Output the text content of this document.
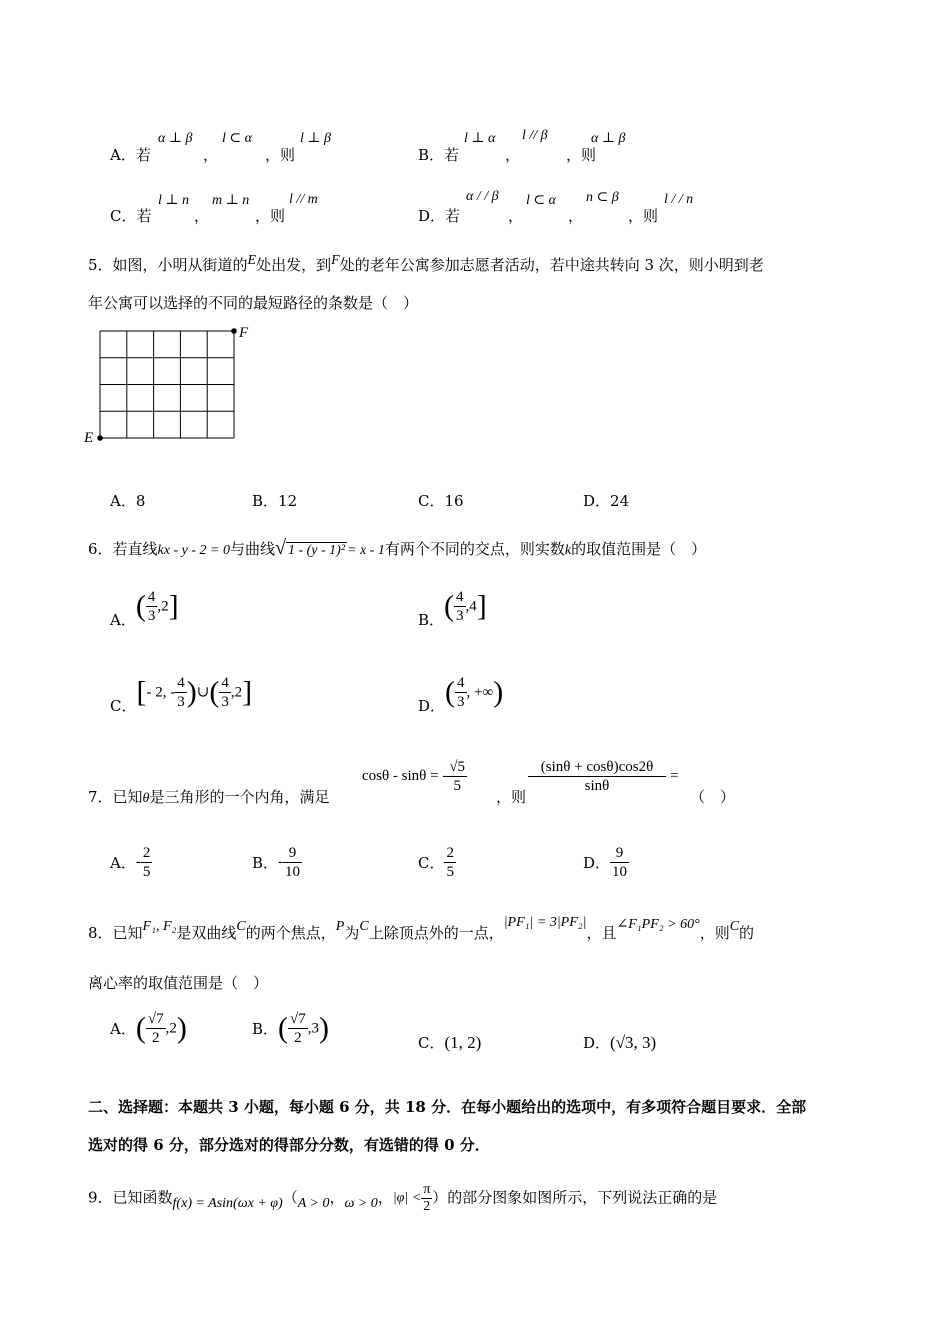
A．若
α ⊥ β
，
l ⊂ α
，则
l ⊥ β
B．若
l ⊥ α
，
l // β
，则
α ⊥ β
C．若
l ⊥ n
，
m ⊥ n
，则
l // m
D．若
α / / β
，
l ⊂ α
，
n ⊂ β
，则
l / / n
5．如图，小明从街道的E处出发，到F处的老年公寓参加志愿者活动，若中途共转向 3 次，则小明到老
年公寓可以选择的不同的最短路径的条数是（　）
E
F
A．8	B．12	C．16	D．24
6．若直线kx - y - 2 = 0与曲线√ 1 - (y - 1)² = x - 1有两个不同的交点，则实数k的取值范围是（　）
A．( $\frac{4}{3} ,2$]	B．( $\frac{4}{3} ,4$]
C．[- 2, - $\frac{4}{3}$ )∪( $\frac{4}{3} ,2$]	D．( $\frac{4}{3}$ , +∞)
7．已知θ是三角形的一个内角，满足
cosθ - sinθ = - $\frac{√5}{5}$
，则
$\frac{(\sin\theta + \cos\theta)\cos 2\theta}{\sin\theta}$ =
（　）
A．- $\frac{2}{5}$	B．- $\frac{9}{10}$	C． $\frac{2}{5}$	D． $\frac{9}{10}$
8．已知F₁, F₂是双曲线C的两个焦点，P为C上除顶点外的一点，|PF₁| = 3|PF₂|，且∠F₁PF₂ > 60°，则C的
离心率的取值范围是（　）
A．( $\frac{√7}{2} ,2$)	B．( $\frac{√7}{2} ,3$)	C．(1, 2)	D．(√3, 3)
二、选择题：本题共 3 小题，每小题 6 分，共 18 分．在每小题给出的选项中，有多项符合题目要求．全部
选对的得 6 分，部分选对的得部分分数，有选错的得 0 分．
9．已知函数f(x) = Asin(ωx + φ)（A > 0，ω > 0，$|\varphi| < \frac{\pi}{2}$ ）的部分图象如图所示，下列说法正确的是
